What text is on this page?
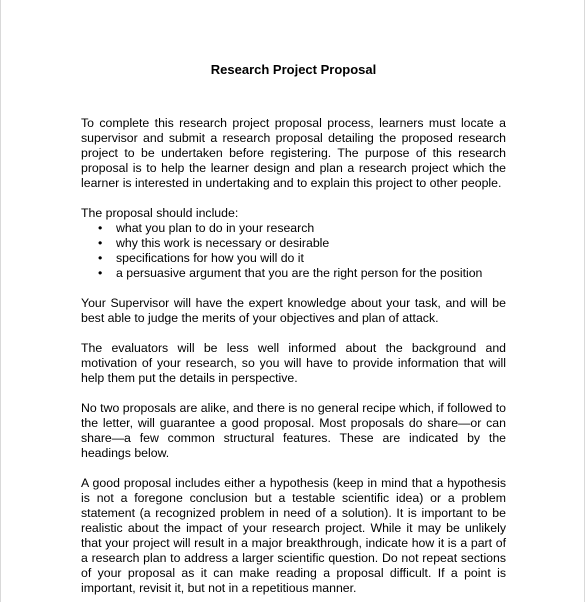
Research Project Proposal

To complete this research project proposal process, learners must locate a supervisor and submit a research proposal detailing the proposed research project to be undertaken before registering. The purpose of this research proposal is to help the learner design and plan a research project which the learner is interested in undertaking and to explain this project to other people.

The proposal should include:

• what you plan to do in your research
• why this work is necessary or desirable
• specifications for how you will do it
• a persuasive argument that you are the right person for the position

Your Supervisor will have the expert knowledge about your task, and will be best able to judge the merits of your objectives and plan of attack.

The evaluators will be less well informed about the background and motivation of your research, so you will have to provide information that will help them put the details in perspective.

No two proposals are alike, and there is no general recipe which, if followed to the letter, will guarantee a good proposal. Most proposals do share—or can share—a few common structural features. These are indicated by the headings below.

A good proposal includes either a hypothesis (keep in mind that a hypothesis is not a foregone conclusion but a testable scientific idea) or a problem statement (a recognized problem in need of a solution). It is important to be realistic about the impact of your research project. While it may be unlikely that your project will result in a major breakthrough, indicate how it is a part of a research plan to address a larger scientific question. Do not repeat sections of your proposal as it can make reading a proposal difficult. If a point is important, revisit it, but not in a repetitious manner.
